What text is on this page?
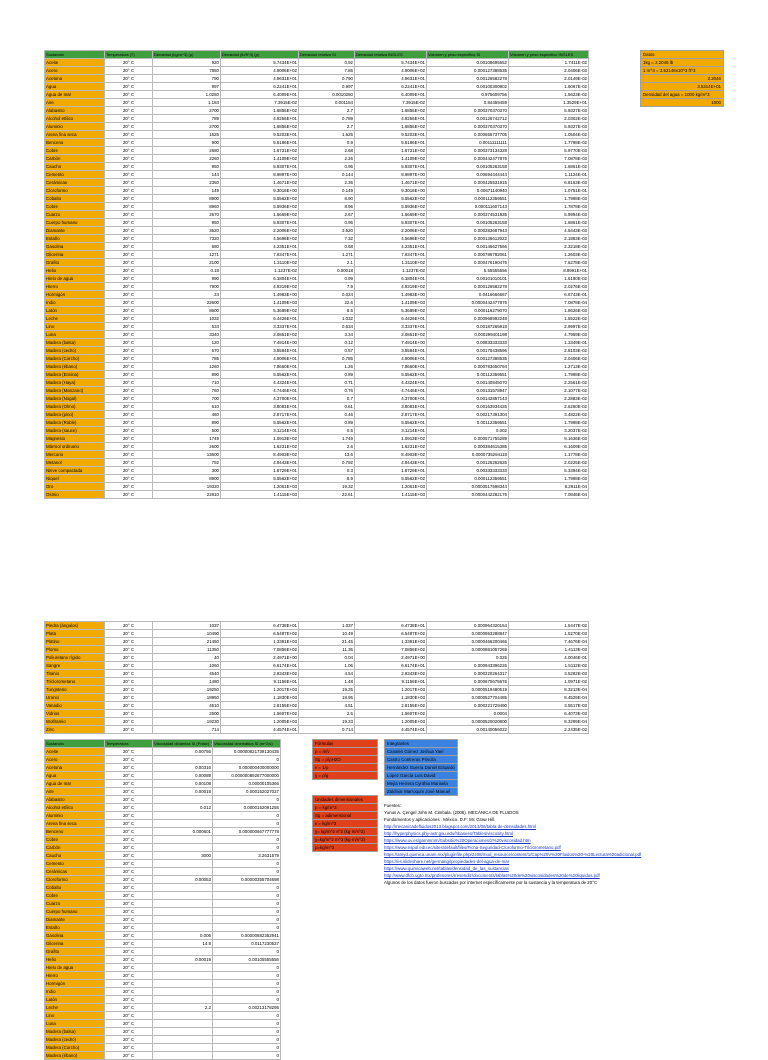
Sustancia	Temperatura (T)	Densidad (kg/m^3) (ρ)	Densidad (lb/ft^3) (ρ)	Densidad relativa SI	Densidad relativa INGLES	Volumen y peso especifico SI	Volumen y peso especifico INGLES
Aceite	20° C	920	5.7434E+01	0.92	5.7434E+01	0.00108695652	1.7411E-02
Acero	20° C	7850	4.9006E+02	7.85	4.9006E+02	0.000127388535	2.0406E-03
Acetona	20° C	790	4.9631E+01	0.790	4.9631E+01	0.00126582278	2.0149E-02
Agua	20° C	997	6.2241E+01	0.997	6.2241E+01	0.00100300902	1.6067E-02
Agua de mar	20° C	1.0250	6.4009E+01	0.0010250	6.4009E+01	0.975609756	1.5623E-02
Aire	20° C	1.184	7.3915E-02	0.001184	7.3915E-02	0.84459459	1.3529E+01
Alabastro	20° C	2700	1.6856E+02	2.7	1.6856E+02	0.000370370370	5.9327E-03
Alcohol etílico	20° C	789	4.9256E+01	0.789	4.9256E+01	0.00126742712	2.0302E-02
Aluminio	20° C	2700	1.6856E+02	2.7	1.6856E+02	0.000370370370	5.9327E-03
Arena fina seca	20° C	1525	9.5203E+01	1.525	9.5203E+01	0.000655737705	1.0504E-02
Benceno	20° C	900	5.6186E+01	0.9	5.6186E+01	0.00111111111	1.7798E-02
Cobre	20° C	2680	1.6731E+02	2.68	1.6731E+02	0.000373134328	5.9770E-03
Carbón	20° C	2260	1.4109E+02	2.26	1.4109E+02	0.000442477876	7.0878E-03
Caucho	20° C	950	5.9307E+01	0.95	5.9307E+01	0.00105263158	1.6861E-02
Cemento	20° C	144	8.9897E+00	0.144	8.9897E+00	0.00694444444	1.1124E-01
Cerámicas	20° C	2350	1.4671E+02	2.35	1.4671E+02	0.000425531915	6.8163E-03
Cloroformo	20° C	149	9.3018E+00	0.149	9.3018E+00	0.00671140940	1.0751E-01
Cobalto	20° C	8900	5.5562E+02	8.90	5.5562E+02	0.000112359551	1.7998E-03
Cobre	20° C	8960	5.5936E+02	8.96	5.5936E+02	0.000111607143	1.7878E-03
Cuarzo	20° C	2670	1.6669E+02	2.67	1.6669E+02	0.000374531835	5.9994E-03
Cuerpo humano	20° C	950	5.9307E+01	0.95	5.9307E+01	0.00105263158	1.6861E-02
Diamante	20° C	3520	2.2006E+02	3.520	2.2006E+02	0.000283687943	4.5443E-03
Estaño	20° C	7320	4.5698E+02	7.32	4.5698E+02	0.000136612022	2.1883E-03
Gasolina	20° C	680	4.2351E+01	0.68	4.2351E+01	0.00146627566	2.3218E-02
Glicerina	20° C	1271	7.9347E+01	1.271	7.9347E+01	0.000786782061	1.2603E-02
Grafito	20° C	2100	1.3110E+02	2.1	1.3110E+02	0.000476190476	7.6278E-03
Helio	20° C	0.18	1.1237E-02	0.00018	1.1237E-02	5.55555556	8.8991E+01
Hielo de agua	20° C	990	6.1804E+01	0.99	6.1804E+01	0.00101010101	1.6180E-02
Hierro	20° C	7900	4.9319E+02	7.9	4.9319E+02	0.000126582278	2.0276E-03
Hormigón	20° C	24	1.4983E+00	0.024	1.4983E+00	0.0416666667	6.6743E-01
Indio	20° C	22600	1.4109E+03	22.6	1.4109E+03	0.0000442477876	7.0878E-04
Latón	20° C	8600	5.3689E+02	8.6	5.3689E+02	0.000116279070	1.8626E-03
Leche	20° C	1032	6.4426E+01	1.032	6.4426E+01	0.000968992248	1.5522E-02
Lino	20° C	534	3.3337E+01	0.534	3.3337E+01	0.00187265918	2.9997E-02
Luna	20° C	3340	2.0851E+02	3.34	2.0851E+02	0.000299401198	4.7959E-03
Madera (balsa)	20° C	120	7.4914E+00	0.12	7.4914E+00	0.00833333333	1.3349E-01
Madera (cedro)	20° C	570	3.5584E+01	0.57	3.5584E+01	0.00175438596	2.8103E-02
Madera (Corcho)	20° C	785	4.9006E+01	0.785	4.9006E+01	0.00127388535	2.0406E-02
Madera (ébano)	20° C	1260	7.8660E+01	1.26	7.8660E+01	0.000793650794	1.2713E-02
Madera (Encina)	20° C	890	5.5562E+01	0.89	5.5562E+01	0.00112359551	1.7998E-02
Madera (Haya)	20° C	710	4.4324E+01	0.71	4.4324E+01	0.00140845070	2.2561E-02
Madera (Manzano)	20° C	760	4.7446E+01	0.76	4.7446E+01	0.00131578947	2.1077E-02
Madera (Nogal)	20° C	700	4.3700E+01	0.7	4.3700E+01	0.00142857143	2.2883E-02
Madera (Olmo)	20° C	610	3.8081E+01	0.61	3.8081E+01	0.00163934426	2.6260E-02
Madera (pino)	20° C	460	2.8717E+01	0.46	2.8717E+01	0.00217391304	3.4822E-02
Madera (Roble)	20° C	890	5.5562E+01	0.89	5.5562E+01	0.00112359551	1.7998E-02
Madera (sauce)	20° C	500	3.1214E+01	0.5	3.1214E+01	0.002	3.2037E-02
Magnesio	20° C	1749	1.0913E+02	1.749	1.0913E+02	0.000571755289	9.1636E-03
Mármol ordinario	20° C	2600	1.6231E+02	2.6	1.6231E+02	0.000384615385	6.1609E-03
Mercurio	20° C	13600	8.4903E+02	13.6	8.4903E+02	0.0000735294118	1.1778E-03
Metanol	20° C	792	4.9443E+01	0.792	4.9443E+01	0.00126262626	2.0225E-02
Nieve compactada	20° C	300	1.8729E+01	0.3	1.8729E+01	0.00333333333	5.3394E-02
Níquel	20° C	8900	5.5562E+02	8.9	5.5562E+02	0.000112359551	1.7998E-03
Oro	20° C	19320	1.2061E+03	19.32	1.2061E+03	0.0000517598344	8.2911E-04
Osmio	20° C	22610	1.4115E+03	22.61	1.4115E+03	0.0000442282176	7.0846E-04
Datos
1kg = 2.2046 lb
1 m^3 = 3.53146x10^3 ft^3
2.2046
3.5314E+01
Densidad del agua = 1000 kg/m^3
1000
Piedra (ángulos)	20° C	1037	6.4738E+01	1.037	6.4738E+01	0.000964320154	1.5447E-02
Plata	20° C	10490	6.5487E+02	10.49	6.5487E+02	0.0000953288847	1.5270E-03
Platino	20° C	21450	1.3391E+03	21.45	1.3391E+03	0.0000466200466	7.4676E-04
Plomo	20° C	11350	7.0856E+02	11.35	7.0856E+02	0.0000881057269	1.4113E-03
Poliuretano rígido	20° C	40	2.4971E+00	0.04	2.4971E+00	0.025	4.0046E-01
Sangre	20° C	1060	6.6174E+01	1.06	6.6174E+01	0.000943396226	1.5112E-02
Titanio	20° C	4540	2.8343E+02	4.54	2.8343E+02	0.000220264317	3.5282E-03
Triclorometano	20° C	1480	9.1156E+01	1.48	9.1156E+01	0.000675675676	1.0971E-02
Tungsteno	20° C	19250	1.2017E+03	19.25	1.2017E+03	0.0000519480519	8.3213E-04
Uranio	20° C	18950	1.1830E+03	18.95	1.1830E+03	0.0000527704485	8.4529E-04
Vanadio	20° C	4510	2.8155E+02	4.51	2.8155E+02	0.000221729490	3.5517E-03
Vidrios	20° C	2500	1.5607E+02	2.5	1.5607E+02	0.0004	6.4073E-03
Wolframio	20° C	19230	1.2005E+03	19.23	1.2005E+03	0.0000520020800	8.3299E-04
Zinc	20° C	714	4.4574E+01	0.714	4.4574E+01	0.00140056022	2.2435E-02
Sustancia	Temperatura	Viscosidad dinámica SI (Poise)	Viscosidad cinemática SI (m^2/s)
Aceite	20° C	0.00756	0.00000821739130435
Acero	20° C		0
Acetona	20° C	0.00316	0.000000400000000
Agua	20° C	0.00089	0.000000892677000000
Agua de mar	20° C	0.00108	0.00000105366
Aire	20° C	0.00018	0.000152027027
Alabastro	20° C		0
Alcohol etílico	20° C	0.012	0.0000152091255
Aluminio	20° C		0
Arena fina seca	20° C		0
Benceno	20° C	0.000601	0.000000667777778
Cobre	20° C		0
Carbón	20° C		0
Caucho	20° C	3000	3.2631579
Cemento	20° C		0
Cerámicas	20° C		0
Cloroformo	20° C	0.00053	0.00000355704698
Cobalto	20° C		0
Cobre	20° C		0
Cuarzo	20° C		0
Cuerpo humano	20° C		0
Diamante	20° C		0
Estaño	20° C		0
Gasolina	20° C	0.006	0.00000882352941
Glicerina	20° C	14.9	0.0117230527
Grafito	20° C		0
Helio	20° C	0.00019	0.00105555556
Hielo de agua	20° C		0
Hierro	20° C		0
Hormigón	20° C		0
Indio	20° C		0
Latón	20° C		0
Leche	20° C	2.2	0.00213178295
Lino	20° C		0
Luna	20° C		0
Madera (balsa)	20° C		0
Madera (cedro)	20° C		0
Madera (Corcho)	20° C		0
Madera (ébano)	20° C		0
Fórmulas
ρ = m/v
Sg = ρ/ρH2O
v = 1/ρ
ɣ = ρ/g
Integrantes
Canales Gómez Joshua Yael
Castro Contreras Priscila
Hernández Guerra Daniel Eduardo
López García Luis David
Mejía Herrera Cynthia Marisela
Zaldívar Marroquín José Manuel
Unidades dimensionales
ρ = kg/m^3
Sg = adimensional
v = kg/m^3
ɣ= kg/m^2 s^2 (kg·m/s^2)
ɣ=kg/m^2 m^3 (kg·m/s^2)
ρ=kg/m^3
Fuentes:
Yunus A. Çengel John M. Cimbala. (2006). MECÁNICA DE FLUIDOS
Fundamentos y aplicaciones . México. D.F: Mc Graw Hill.
http://mecanicadefluidos2013.blogspot.com/2013/06/tabla-de-densidades.html
http://hyperphysics.phy-astr.gsu.edu/hbasees/Tables/viscosity.html
https://www.uv.es/gammmm/Subsitio%20Operaciones/2%20viscosidad.htm
https://www.espol.edu.ec/sites/default/files/Ficha-Seguridad-Cloroformo-Triclorometano.pdf
https://amyd.quimica.unam.mx/pluginfile.php/2408/mod_resource/content/1/Cap%20V%20Fluidos%20-%20Lectura%20adicional.pdf
https://es.slideshare.net/germangi/propiedades-del-agua-de-mar
https://www.quimicaweb.net/tablas/densidad_de_las_sustancias
http://www.dfcb.ugto.mx/profesores/rresendiz/documents/tablas%20de%20viscosidades%20de%20liquidos.pdf
Algunos de los datos fueron buscados por internet específicamente por la sustancia y la temperatura de 20°C
